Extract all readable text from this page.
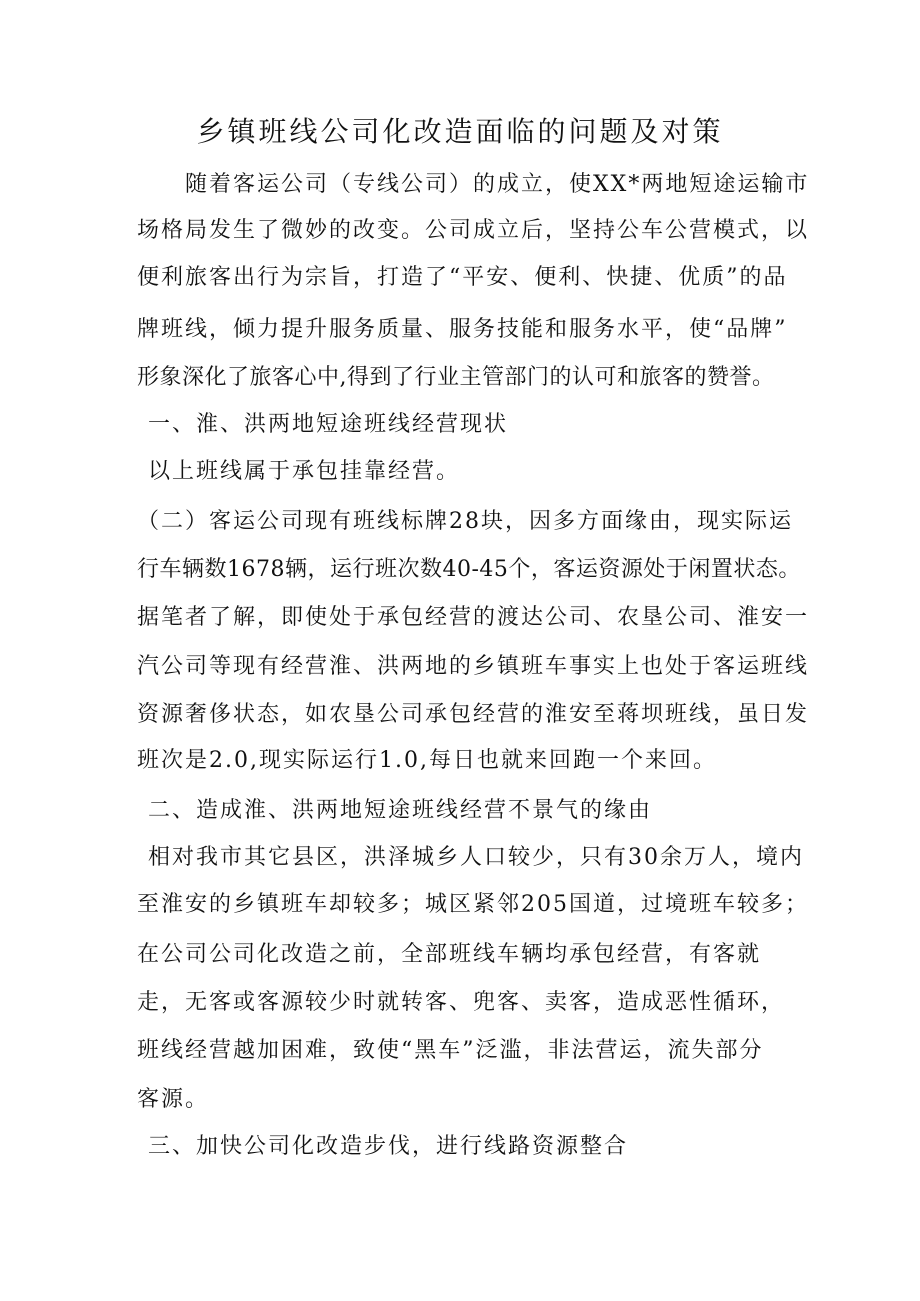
乡镇班线公司化改造面临的问题及对策
随着客运公司（专线公司）的成立，使XX*两地短途运输市
场格局发生了微妙的改变。公司成立后，坚持公车公营模式，以
便利旅客出行为宗旨，打造了“平安、便利、快捷、优质”的品
牌班线，倾力提升服务质量、服务技能和服务水平，使“品牌”
形象深化了旅客心中,得到了行业主管部门的认可和旅客的赞誉。
一、淮、洪两地短途班线经营现状
以上班线属于承包挂靠经营。
（二）客运公司现有班线标牌28块，因多方面缘由，现实际运
行车辆数1678辆，运行班次数40-45个，客运资源处于闲置状态。
据笔者了解，即使处于承包经营的渡达公司、农垦公司、淮安一
汽公司等现有经营淮、洪两地的乡镇班车事实上也处于客运班线
资源奢侈状态，如农垦公司承包经营的淮安至蒋坝班线，虽日发
班次是2.0,现实际运行1.0,每日也就来回跑一个来回。
二、造成淮、洪两地短途班线经营不景气的缘由
相对我市其它县区，洪泽城乡人口较少，只有30余万人，境内
至淮安的乡镇班车却较多；城区紧邻205国道，过境班车较多；
在公司公司化改造之前，全部班线车辆均承包经营，有客就
走，无客或客源较少时就转客、兜客、卖客，造成恶性循环，
班线经营越加困难，致使“黑车”泛滥，非法营运，流失部分
客源。
三、加快公司化改造步伐，进行线路资源整合
